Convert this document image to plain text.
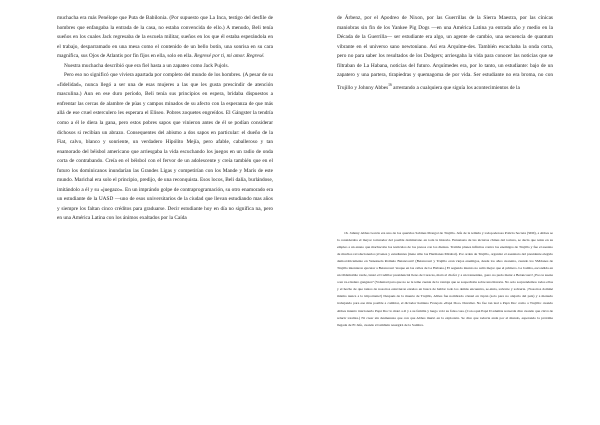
muchacha era más Penélope que Puta de Babilonia. (Por supuesto que La Inca, testigo del desfile de hombres que enfangaba la entrada de la casa, no estaba convencida de ello.) A menudo, Beli tenía sueños en los cuales Jack regresaba de la escuela militar, sueños en los que él estaba esperándola en el trabajo, desparramado en una mesa como el contenido de un bello botín, una sonrisa en su cara magnífica, sus Ojos de Atlantis por fin fijos en ella, solo en ella. Regresé por ti, mi amor. Regresé.

Nuestra muchacha describió que era fiel hasta a un zapateo como Jack Pujols.

Pero eso no significó que viviera apartada por completo del mundo de los hombres. (A pesar de su «fidelidad», nunca llegó a ser una de esas mujeres a las que les gusta prescindir de atención masculina.) Aun en ese duro período, Beli tenía sus principios en espera, bridaba dispuestos a enfrentar las cercas de alambre de púas y campos minados de su afecto con la esperanza de que más allá de ese cruel esterculero les esperara el Eliseo. Pobres zoquetes engreídos. El Gángster la tendría como a él le diera la gana, pero estos pobres sapos que vinieron antes de él se podían considerar dichosos si recibían un abrazo. Consequentes del abismo a dos sapos en particular: el dueño de la Fiat, calvo, blanco y sonriente, un verdadero Hipólito Mejía, pero afable, caballeroso y tan enamorado del béisbol americano que arriesgaba la vida escuchando los juegos en un radio de onda corta de contrabando. Creía en el béisbol con el fervor de un adolescente y creía también que en el futuro los dominicanos inundarían las Grandes Ligas y competirían con los Mande y Marís de este mundo. Marichal era solo el principio, predijo, de una reconquista. Esos locos, Beli dalía, burlándose, imitándolo a él y su «juegazo». En un imprándo golpe de contraprogramación, su otro enamorado era un estudiante de la UASD —uno de esos universitarios de la ciudad que llevan estudiando mas años y siempre los faltan cinco créditos para graduarse. Decir estudiante hoy en día no significa na, pero en una América Latina con los ánimos exaltados por la Caída

de Árbenz, por el Apodreo de Nixon, por las Guerrillas de la Sierra Maestra, por las cínicas maniobras sin fin de los Yankee Pig Dogs —en una América Latina ya entrada año y medio en la Década de la Guerrilla— ser estudiante era algo, un agente de cambio, una secuencia de quantum vibrante en el universo sano newtoniano. Así era Arquíme-des. También escuchaba la onda corta, pero no para saber los resultados de los Dodgers; arriesgaba la vida para conocer las noticias que se filtraban de La Habana, noticias del futuro. Arquímedes era, por lo tanto, un estudiante: bajo de un zapatero y una partera, tirapiedras y quemagoma de por vida. Ser estudiante no era broma, no con Trujillo y Johnny Abbes$^{16}$ arrestando a cualquiera que siguía los acontecimientos de la

16. Johnny Abbes García era uno de los queridos Sabinas Mongol de Trujillo. Jefe de la temida y todopoderosa Policía Secreta (SIM), a Abbes se la consideraba el mayor torturador del posible dominicano en toda la historia. Entusiasta de las técnicas chinas del tortura, se decía que tenía en su empleo a un enano que machacaba los testículos de los presos con los dientes. Tramba planes infinitos contra los enemigos de Trujillo y fue el asesino de muchos revolucionarios jóvenes y estudiantes (tiene allio las Hermanas Mirabal). Por orden de Trujillo, organizó el asesinato del presidente elegido democráticamente en Venezuela Rómulo Betancourt! (Betancourt y Trujillo eran viejos enemigos, desde los años cuarenta, cuando los SMdones de Trujillo intentaron ejecutar a Betancourt 'ataque en las calles de La Habana.) El segundo intento no salió mejor que el primero. La bomba, escondida en un Oldsmobile verde, lanzó el Cadillac presidencial lleno de Caracas, mató al chofer y a un transeúnte, ¡pero no pudo matar a Betancourt! ¿Eso te suena a un ve-rdadero gangster? (Voluntad para que no se le teme cuenta de la ventaja que se sospechaba sobre una historia. No solo sorprendemos todos ellos y el hecho de que tantos de nosotros estuvieron enrelos en busca de hablar todo los demás encuentra, se-sinia, salvarte y sobrería. ¡Nosotros dominé mismo nunca a lo importante!) Después de la muerte de Trujillo, Abbes fue nombrado cónsul en Japón (solo para no alejarlo del país) y a menudo trabajando para ese más posible a cambiar, el dictador haitiano François «Papá Doc» Duvalier. No fue tan leal a Papá Doc como a Trujillo: cuando Abbes intentó traicionarlo Papá Doc lo mató a él y a su familia y luego voló su falsa casa. (Con oqué Papá D además recuerda dice cuando que clavó de relucir totaliza.) Ni creer sin desmenuza que con que Abbes murió en la explosión. Se dice que todavía anda por el mundo, esperando la próxima llegada de El Jefe, cuando él también resurgirá de la Sombra.
